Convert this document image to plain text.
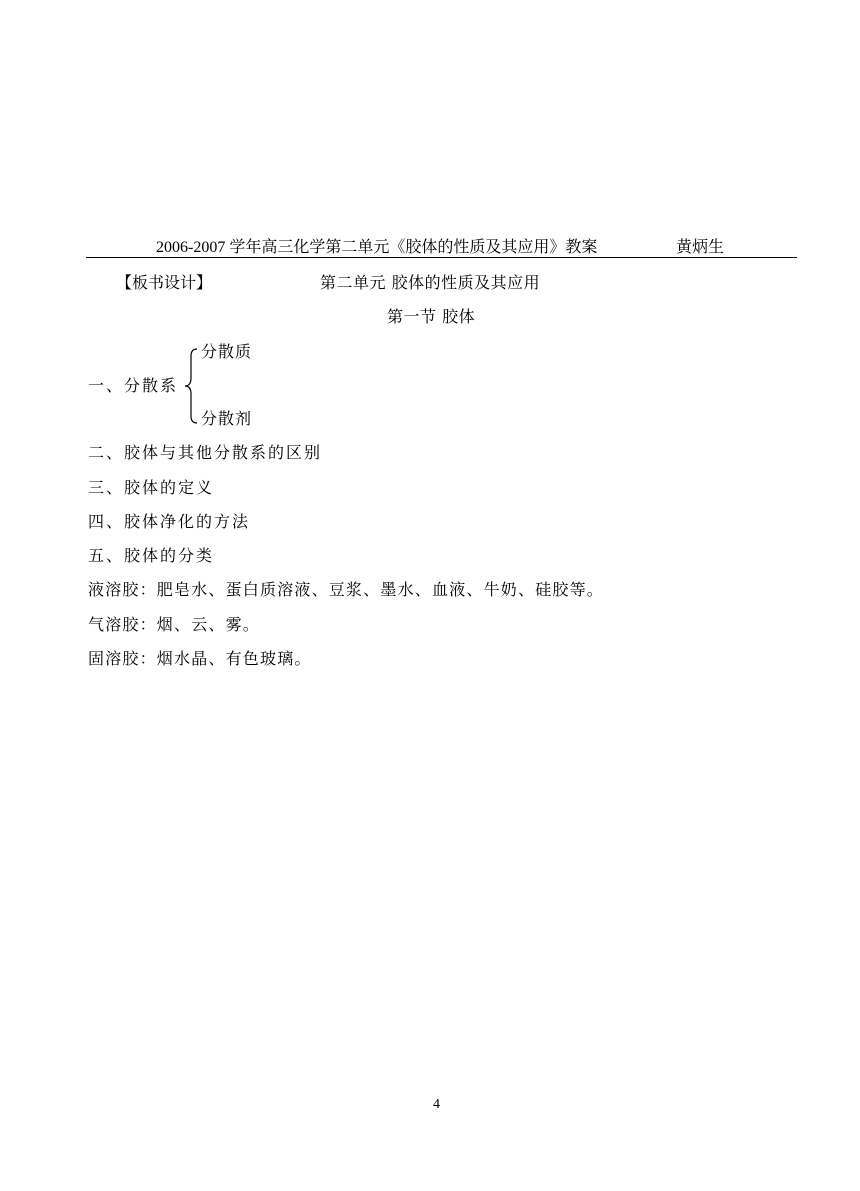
2006-2007 学年高三化学第二单元《胶体的性质及其应用》教案	黄炳生
【板书设计】	第二单元 胶体的性质及其应用
第一节 胶体
一、分散系
分散质
分散剂
二、胶体与其他分散系的区别
三、胶体的定义
四、胶体净化的方法
五、胶体的分类
液溶胶：肥皂水、蛋白质溶液、豆浆、墨水、血液、牛奶、硅胶等。
气溶胶：烟、云、雾。
固溶胶：烟水晶、有色玻璃。
4
